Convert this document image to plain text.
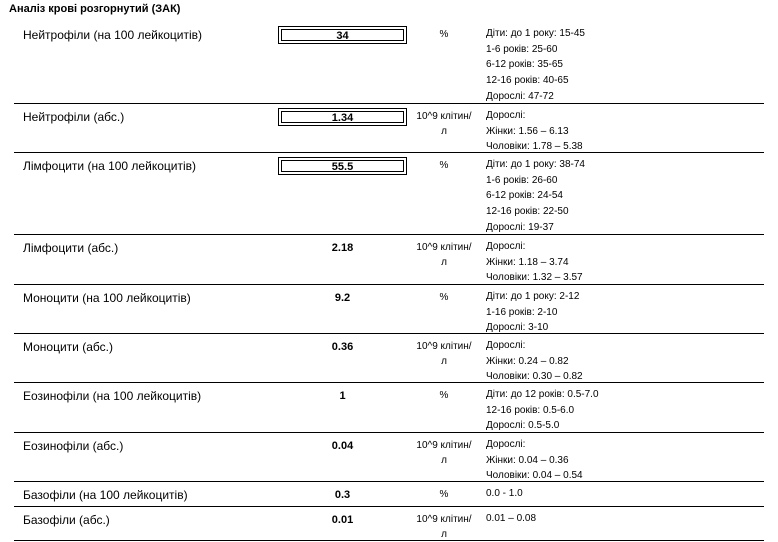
Аналіз крові розгорнутий (ЗАК)
Нейтрофіли (на 100 лейкоцитів)	34	%	Діти: до 1 року: 15-45
1-6 років: 25-60
6-12 років: 35-65
12-16 років: 40-65
Дорослі: 47-72
Нейтрофіли (абс.)	1.34	10^9 клітин/л
Дорослі:
Жінки: 1.56 – 6.13
Чоловіки: 1.78 – 5.38
Лімфоцити (на 100 лейкоцитів)	55.5	%	Діти: до 1 року: 38-74
1-6 років: 26-60
6-12 років: 24-54
12-16 років: 22-50
Дорослі: 19-37
Лімфоцити (абс.)	2.18	10^9 клітин/л
Дорослі:
Жінки: 1.18 – 3.74
Чоловіки: 1.32 – 3.57
Моноцити (на 100 лейкоцитів)	9.2	%	Діти: до 1 року: 2-12
1-16 років: 2-10
Дорослі: 3-10
Моноцити (абс.)	0.36	10^9 клітин/л
Дорослі:
Жінки: 0.24 – 0.82
Чоловіки: 0.30 – 0.82
Еозинофіли (на 100 лейкоцитів)	1	%	Діти: до 12 років: 0.5-7.0
12-16 років: 0.5-6.0
Дорослі: 0.5-5.0
Еозинофіли (абс.)	0.04	10^9 клітин/л
Дорослі:
Жінки: 0.04 – 0.36
Чоловіки: 0.04 – 0.54
Базофіли (на 100 лейкоцитів)	0.3	%	0.0 - 1.0
Базофіли (абс.)	0.01	10^9 клітин/л
0.01 – 0.08
